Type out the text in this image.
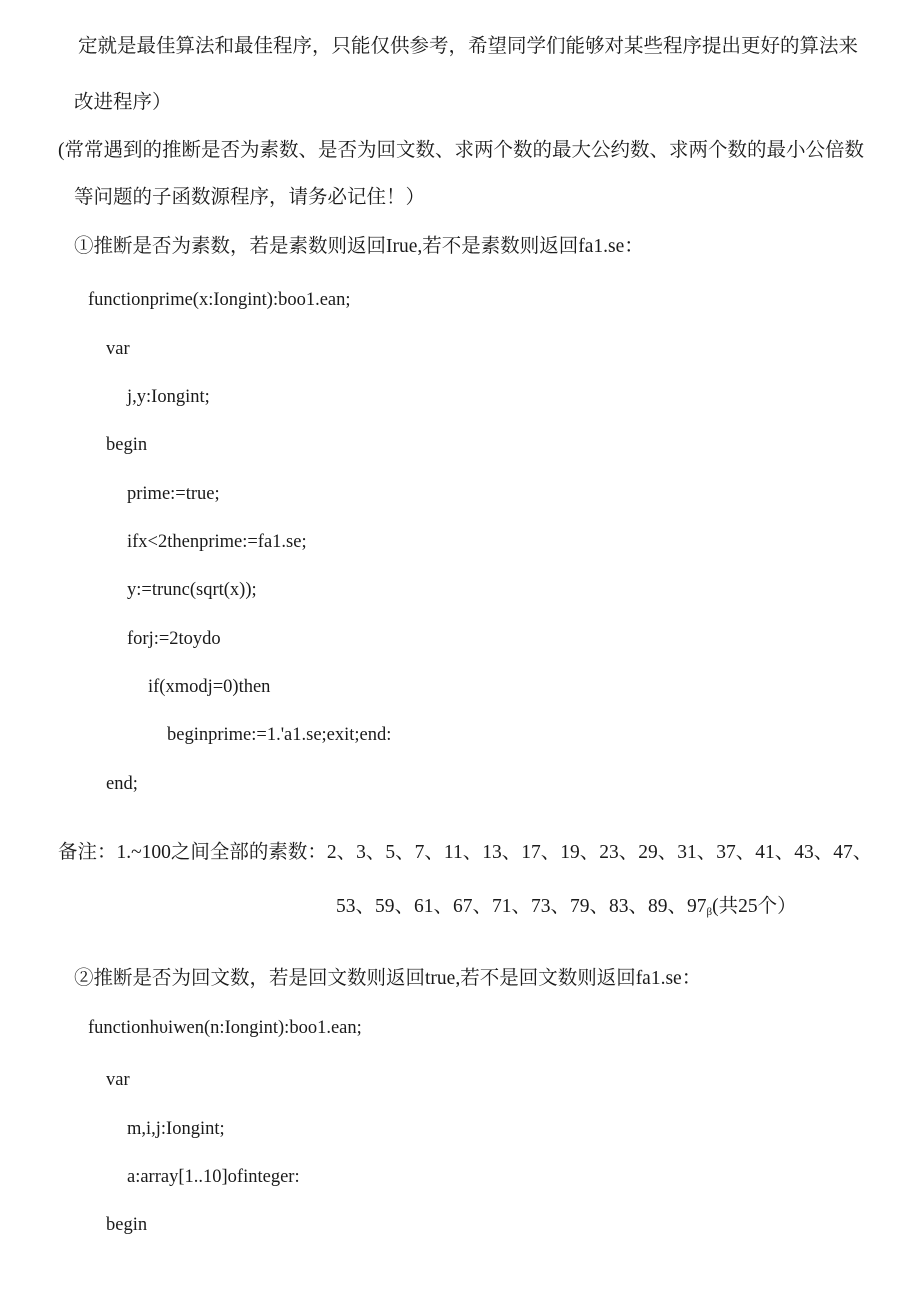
定就是最佳算法和最佳程序，只能仅供参考，希望同学们能够对某些程序提出更好的算法来
改进程序）
(常常遇到的推断是否为素数、是否为回文数、求两个数的最大公约数、求两个数的最小公倍数
等问题的子函数源程序，请务必记住！）
①推断是否为素数，若是素数则返回Irue,若不是素数则返回fa1.se：
functionprime(x:Iongint):boo1.ean;
var
j,y:Iongint;
begin
prime:=true;
ifx<2thenprime:=fa1.se;
y:=trunc(sqrt(x));
forj:=2toydo
if(xmodj=0)then
beginprime:=1.'a1.se;exit;end:
end;
备注：1.~100之间全部的素数：2、3、5、7、11、13、17、19、23、29、31、37、41、43、47、
53、59、61、67、71、73、79、83、89、$97_\beta$(共25个）
②推断是否为回文数，若是回文数则返回true,若不是回文数则返回fa1.se：
functionhυiwen(n:Iongint):boo1.ean;
var
m,i,j:Iongint;
a:array[1..10]ofinteger:
begin
